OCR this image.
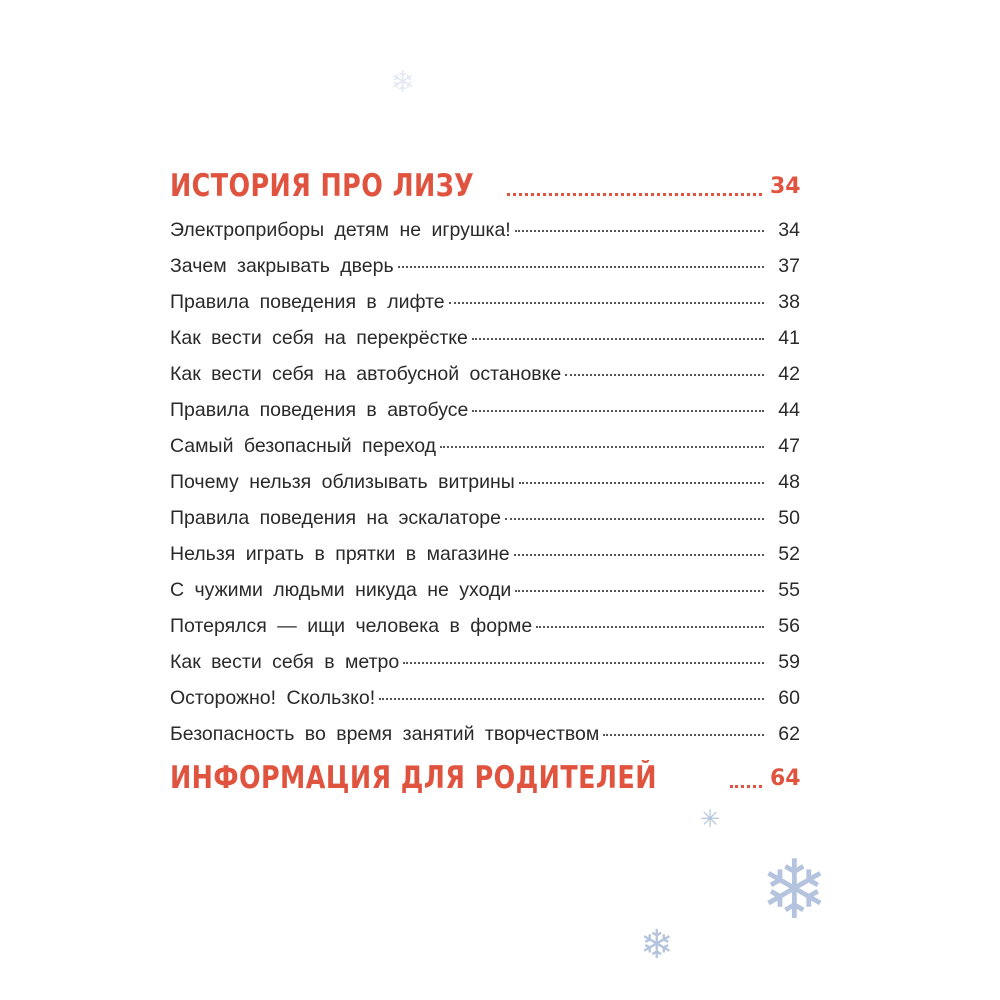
ИСТОРИЯ ПРО ЛИЗУ	34
Электроприборы детям не игрушка!	34
Зачем закрывать дверь	37
Правила поведения в лифте	38
Как вести себя на перекрёстке	41
Как вести себя на автобусной остановке	42
Правила поведения в автобусе	44
Самый безопасный переход	47
Почему нельзя облизывать витрины	48
Правила поведения на эскалаторе	50
Нельзя играть в прятки в магазине	52
С чужими людьми никуда не уходи	55
Потерялся — ищи человека в форме	56
Как вести себя в метро	59
Осторожно! Скользко!	60
Безопасность во время занятий творчеством	62
ИНФОРМАЦИЯ ДЛЯ РОДИТЕЛЕЙ	64
❄
❄
✳
❄
